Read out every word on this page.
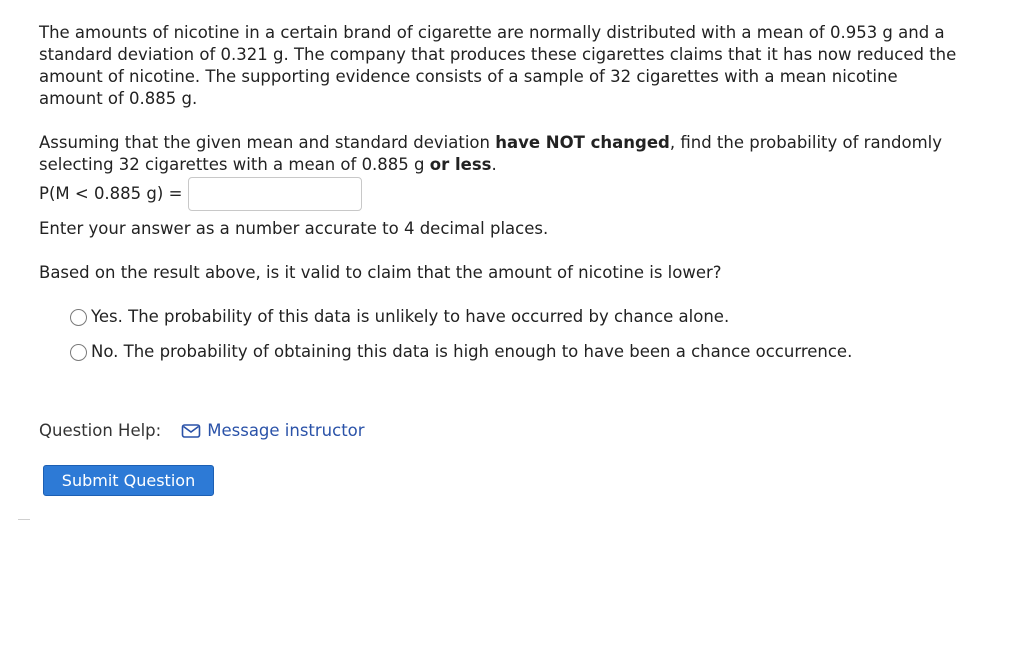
The amounts of nicotine in a certain brand of cigarette are normally distributed with a mean of 0.953 g and a standard deviation of 0.321 g. The company that produces these cigarettes claims that it has now reduced the amount of nicotine. The supporting evidence consists of a sample of 32 cigarettes with a mean nicotine amount of 0.885 g.

Assuming that the given mean and standard deviation have NOT changed, find the probability of randomly selecting 32 cigarettes with a mean of 0.885 g or less.

P(M < 0.885 g) =

Enter your answer as a number accurate to 4 decimal places.

Based on the result above, is it valid to claim that the amount of nicotine is lower?

Yes. The probability of this data is unlikely to have occurred by chance alone.
No. The probability of obtaining this data is high enough to have been a chance occurrence.
Question Help:	Message instructor
Submit Question
